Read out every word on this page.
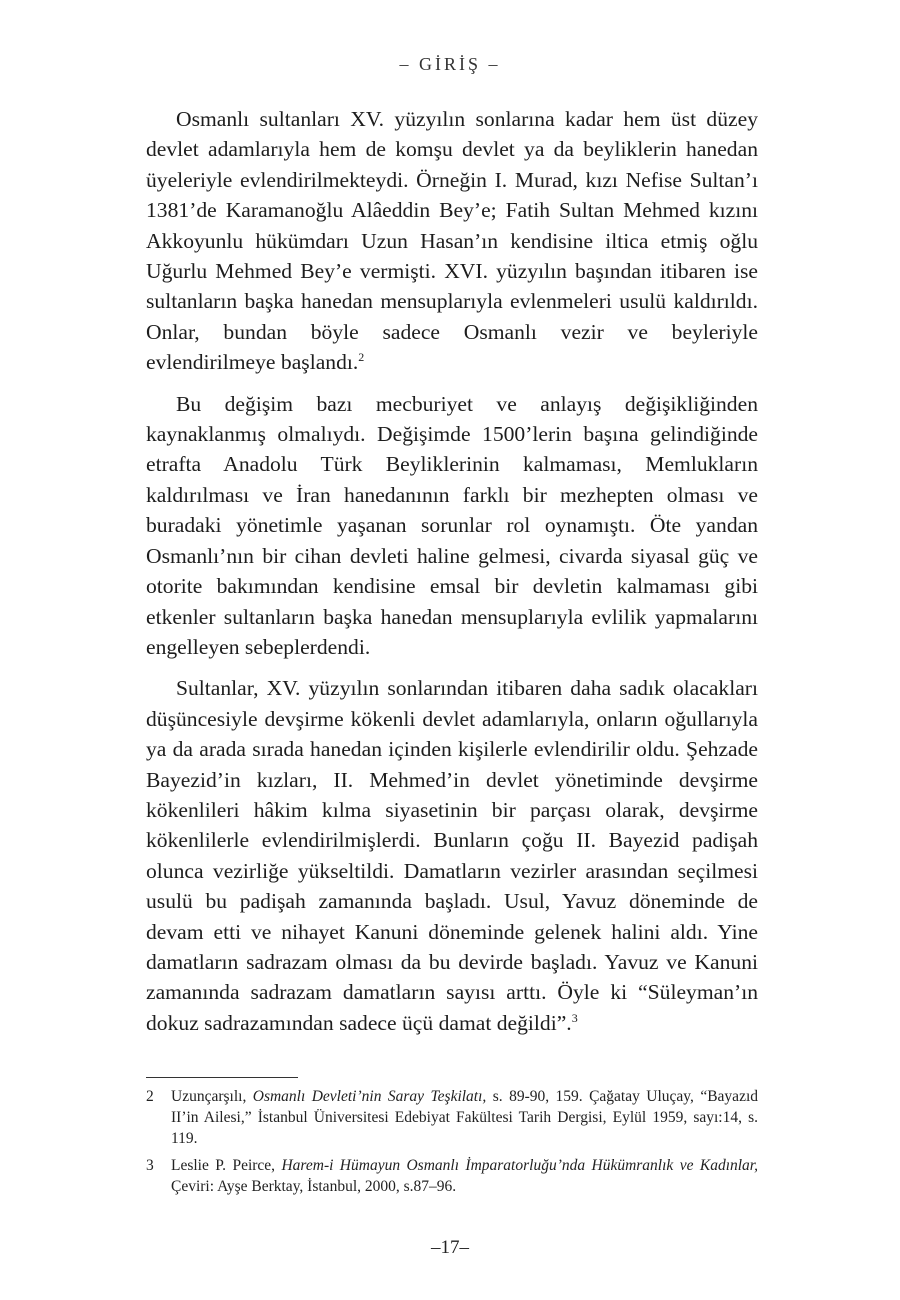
– GİRİŞ –

Osmanlı sultanları XV. yüzyılın sonlarına kadar hem üst düzey devlet adamlarıyla hem de komşu devlet ya da beyliklerin hanedan üyeleriyle evlendirilmekteydi. Örneğin I. Murad, kızı Nefise Sultan’ı 1381’de Karamanoğlu Alâeddin Bey’e; Fatih Sultan Mehmed kızını Akkoyunlu hükümdarı Uzun Hasan’ın kendisine iltica etmiş oğlu Uğurlu Mehmed Bey’e vermişti. XVI. yüzyılın başından itibaren ise sultanların başka hanedan mensuplarıyla evlenmeleri usulü kaldırıldı. Onlar, bundan böyle sadece Osmanlı vezir ve beyleriyle evlendirilmeye başlandı.$^2$

Bu değişim bazı mecburiyet ve anlayış değişikliğinden kaynaklanmış olmalıydı. Değişimde 1500’lerin başına gelindiğinde etrafta Anadolu Türk Beyliklerinin kalmaması, Memlukların kaldırılması ve İran hanedanının farklı bir mezhepten olması ve buradaki yönetimle yaşanan sorunlar rol oynamıştı. Öte yandan Osmanlı’nın bir cihan devleti haline gelmesi, civarda siyasal güç ve otorite bakımından kendisine emsal bir devletin kalmaması gibi etkenler sultanların başka hanedan mensuplarıyla evlilik yapmalarını engelleyen sebeplerdendi.

Sultanlar, XV. yüzyılın sonlarından itibaren daha sadık olacakları düşüncesiyle devşirme kökenli devlet adamlarıyla, onların oğullarıyla ya da arada sırada hanedan içinden kişilerle evlendirilir oldu. Şehzade Bayezid’in kızları, II. Mehmed’in devlet yönetiminde devşirme kökenlileri hâkim kılma siyasetinin bir parçası olarak, devşirme kökenlilerle evlendirilmişlerdi. Bunların çoğu II. Bayezid padişah olunca vezirliğe yükseltildi. Damatların vezirler arasından seçilmesi usulü bu padişah zamanında başladı. Usul, Yavuz döneminde de devam etti ve nihayet Kanuni döneminde gelenek halini aldı. Yine damatların sadrazam olması da bu devirde başladı. Yavuz ve Kanuni zamanında sadrazam damatların sayısı arttı. Öyle ki “Süleyman’ın dokuz sadrazamından sadece üçü damat değildi”.$^3$

2	Uzunçarşılı, Osmanlı Devleti’nin Saray Teşkilatı, s. 89-90, 159. Çağatay Uluçay, “Bayazıd II’in Ailesi,” İstanbul Üniversitesi Edebiyat Fakültesi Tarih Dergisi, Eylül 1959, sayı:14, s. 119.
3	Leslie P. Peirce, Harem-i Hümayun Osmanlı İmparatorluğu’nda Hükümranlık ve Kadınlar, Çeviri: Ayşe Berktay, İstanbul, 2000, s.87–96.
–17–
